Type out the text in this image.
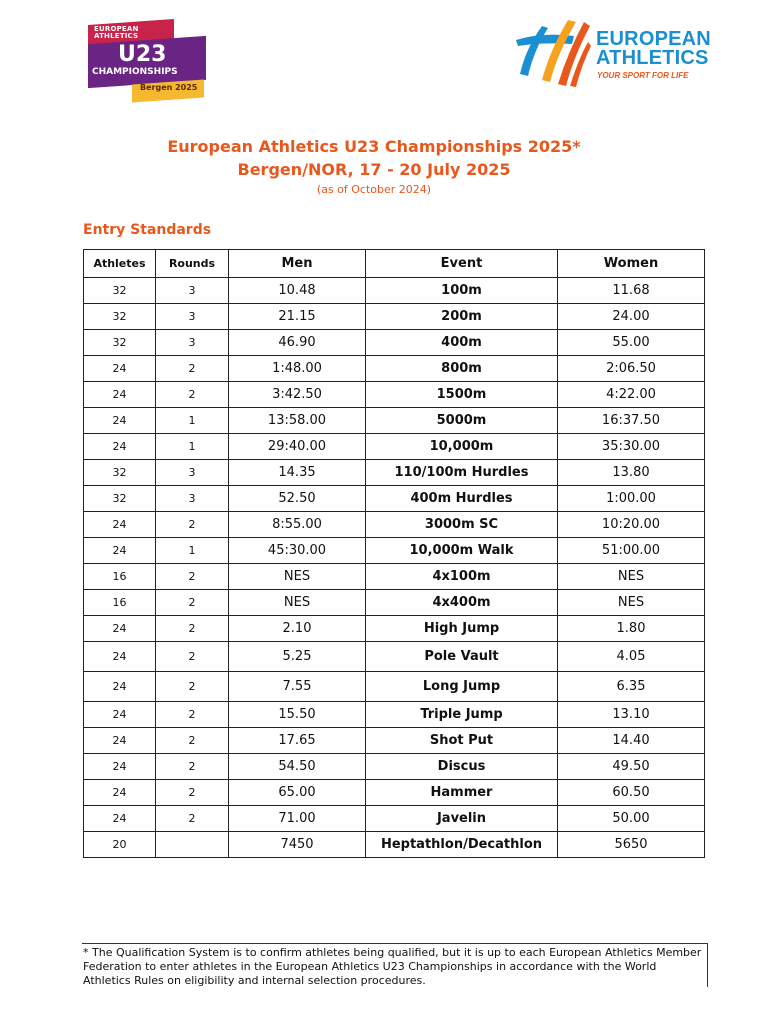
EUROPEAN
ATHLETICS
U23
CHAMPIONSHIPS
Bergen 2025
EUROPEAN
ATHLETICS
YOUR SPORT FOR LIFE
European Athletics U23 Championships 2025*
Bergen/NOR, 17 - 20 July 2025
(as of October 2024)
Entry Standards
Athletes	Rounds	Men	Event	Women
32	3	10.48	100m	11.68
32	3	21.15	200m	24.00
32	3	46.90	400m	55.00
24	2	1:48.00	800m	2:06.50
24	2	3:42.50	1500m	4:22.00
24	1	13:58.00	5000m	16:37.50
24	1	29:40.00	10,000m	35:30.00
32	3	14.35	110/100m Hurdles	13.80
32	3	52.50	400m Hurdles	1:00.00
24	2	8:55.00	3000m SC	10:20.00
24	1	45:30.00	10,000m Walk	51:00.00
16	2	NES	4x100m	NES
16	2	NES	4x400m	NES
24	2	2.10	High Jump	1.80
24	2	5.25	Pole Vault	4.05
24	2	7.55	Long Jump	6.35
24	2	15.50	Triple Jump	13.10
24	2	17.65	Shot Put	14.40
24	2	54.50	Discus	49.50
24	2	65.00	Hammer	60.50
24	2	71.00	Javelin	50.00
20		7450	Heptathlon/Decathlon	5650
* The Qualification System is to confirm athletes being qualified, but it is up to each European Athletics Member Federation to enter athletes in the European Athletics U23 Championships in accordance with the World Athletics Rules on eligibility and internal selection procedures.
